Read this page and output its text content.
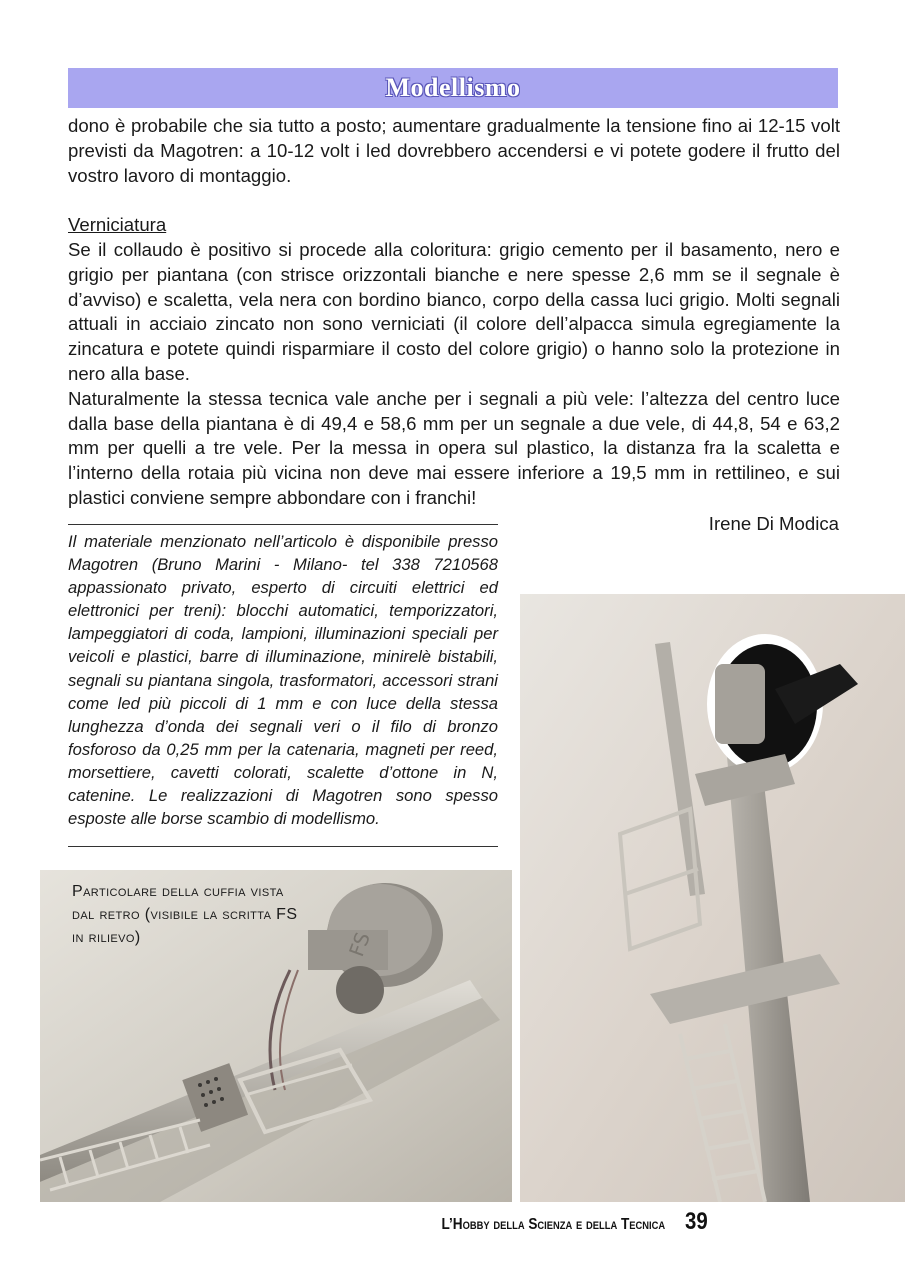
Modellismo

dono è probabile che sia tutto a posto; aumentare gradualmente la tensione fino ai 12-15 volt previsti da Magotren: a 10-12 volt i led dovrebbero accendersi e vi potete godere il frutto del vostro lavoro di montaggio.

Verniciatura

Se il collaudo è positivo si procede alla coloritura: grigio cemento per il basamento, nero e grigio per piantana (con strisce orizzontali bianche e nere spesse 2,6 mm se il segnale è d’avviso) e scaletta, vela nera con bordino bianco, corpo della cassa luci grigio. Molti segnali attuali in acciaio zincato non sono verniciati (il colore dell’alpacca simula egregiamente la zincatura e potete quindi risparmiare il costo del colore grigio) o hanno solo la protezione in nero alla base.

Naturalmente la stessa tecnica vale anche per i segnali a più vele: l’altezza del centro luce dalla base della piantana è di 49,4 e 58,6 mm per un segnale a due vele, di 44,8, 54 e 63,2 mm per quelli a tre vele. Per la messa in opera sul plastico, la distanza fra la scaletta e l’interno della rotaia più vicina non deve mai essere inferiore a 19,5 mm in rettilineo, e sui plastici conviene sempre abbondare con i franchi!

Irene Di Modica
Il materiale menzionato nell’articolo è disponibile presso Magotren (Bruno Marini - Milano- tel 338 7210568 appassionato privato, esperto di circuiti elettrici ed elettronici per treni): blocchi automatici, temporizzatori, lampeggiatori di coda, lampioni, illuminazioni speciali per veicoli e plastici, barre di illuminazione, minirelè bistabili, segnali su piantana singola, trasformatori, accessori strani come led più piccoli di 1 mm e con luce della stessa lunghezza d’onda dei segnali veri o il filo di bronzo fosforoso da 0,25 mm per la catenaria, magneti per reed, morsettiere, cavetti colorati, scalette d’ottone in N, catenine. Le realizzazioni di Magotren sono spesso esposte alle borse scambio di modellismo.
FS
Particolare della cuffia vista dal retro (visibile la scritta FS in rilievo)
L’Hobby della Scienza e della Tecnica 39
